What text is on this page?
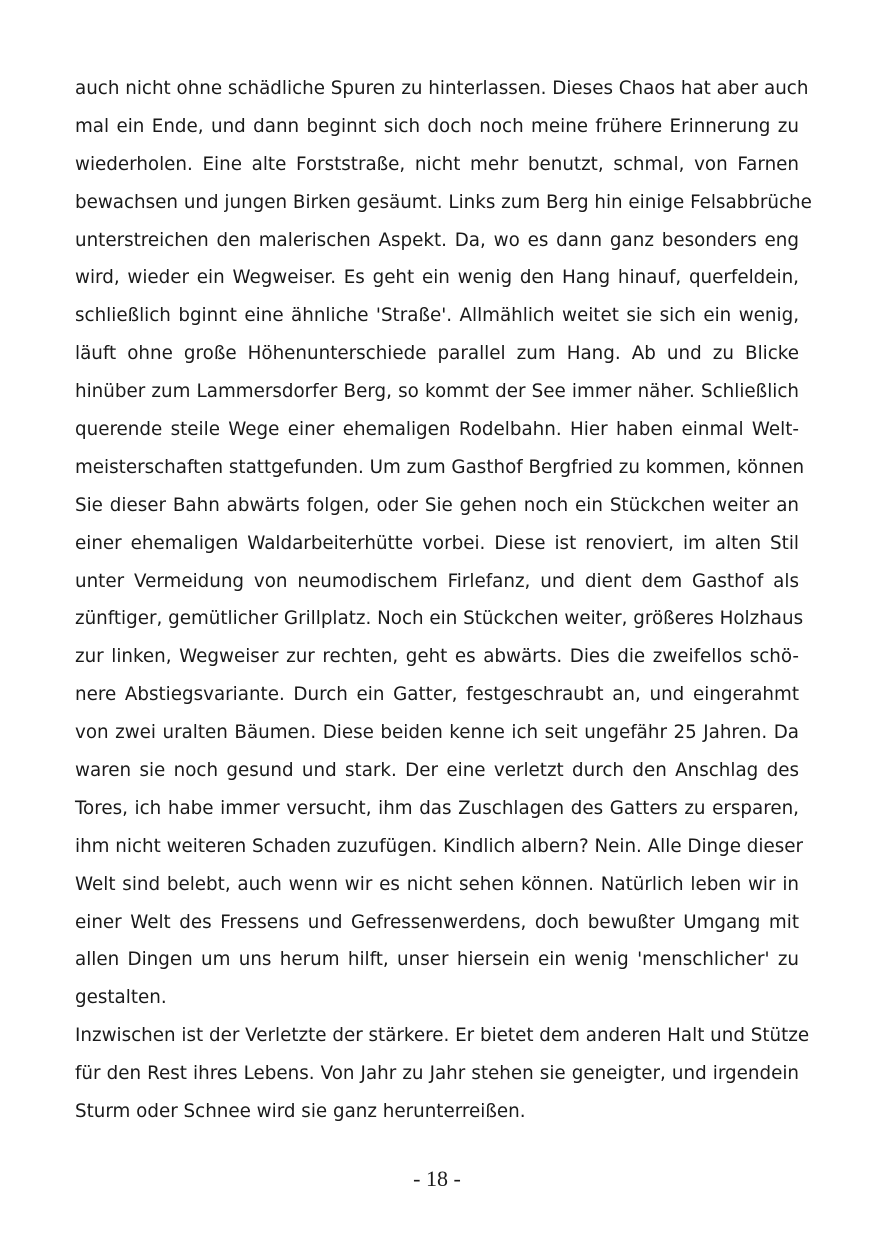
auch nicht ohne schädliche Spuren zu hinterlassen. Dieses Chaos hat aber auch
mal ein Ende, und dann beginnt sich doch noch meine frühere Erinnerung zu
wiederholen. Eine alte Forststraße, nicht mehr benutzt, schmal, von Farnen
bewachsen und jungen Birken gesäumt. Links zum Berg hin einige Felsabbrüche
unterstreichen den malerischen Aspekt. Da, wo es dann ganz besonders eng
wird, wieder ein Wegweiser. Es geht ein wenig den Hang hinauf, querfeldein,
schließlich bginnt eine ähnliche 'Straße'. Allmählich weitet sie sich ein wenig,
läuft ohne große Höhenunterschiede parallel zum Hang. Ab und zu Blicke
hinüber zum Lammersdorfer Berg, so kommt der See immer näher. Schließlich
querende steile Wege einer ehemaligen Rodelbahn. Hier haben einmal Welt-
meisterschaften stattgefunden. Um zum Gasthof Bergfried zu kommen, können
Sie dieser Bahn abwärts folgen, oder Sie gehen noch ein Stückchen weiter an
einer ehemaligen Waldarbeiterhütte vorbei. Diese ist renoviert, im alten Stil
unter Vermeidung von neumodischem Firlefanz, und dient dem Gasthof als
zünftiger, gemütlicher Grillplatz. Noch ein Stückchen weiter, größeres Holzhaus
zur linken, Wegweiser zur rechten, geht es abwärts. Dies die zweifellos schö-
nere Abstiegsvariante. Durch ein Gatter, festgeschraubt an, und eingerahmt
von zwei uralten Bäumen. Diese beiden kenne ich seit ungefähr 25 Jahren. Da
waren sie noch gesund und stark. Der eine verletzt durch den Anschlag des
Tores, ich habe immer versucht, ihm das Zuschlagen des Gatters zu ersparen,
ihm nicht weiteren Schaden zuzufügen. Kindlich albern? Nein. Alle Dinge dieser
Welt sind belebt, auch wenn wir es nicht sehen können. Natürlich leben wir in
einer Welt des Fressens und Gefressenwerdens, doch bewußter Umgang mit
allen Dingen um uns herum hilft, unser hiersein ein wenig 'menschlicher' zu
gestalten.
Inzwischen ist der Verletzte der stärkere. Er bietet dem anderen Halt und Stütze
für den Rest ihres Lebens. Von Jahr zu Jahr stehen sie geneigter, und irgendein
Sturm oder Schnee wird sie ganz herunterreißen.
- 18 -
